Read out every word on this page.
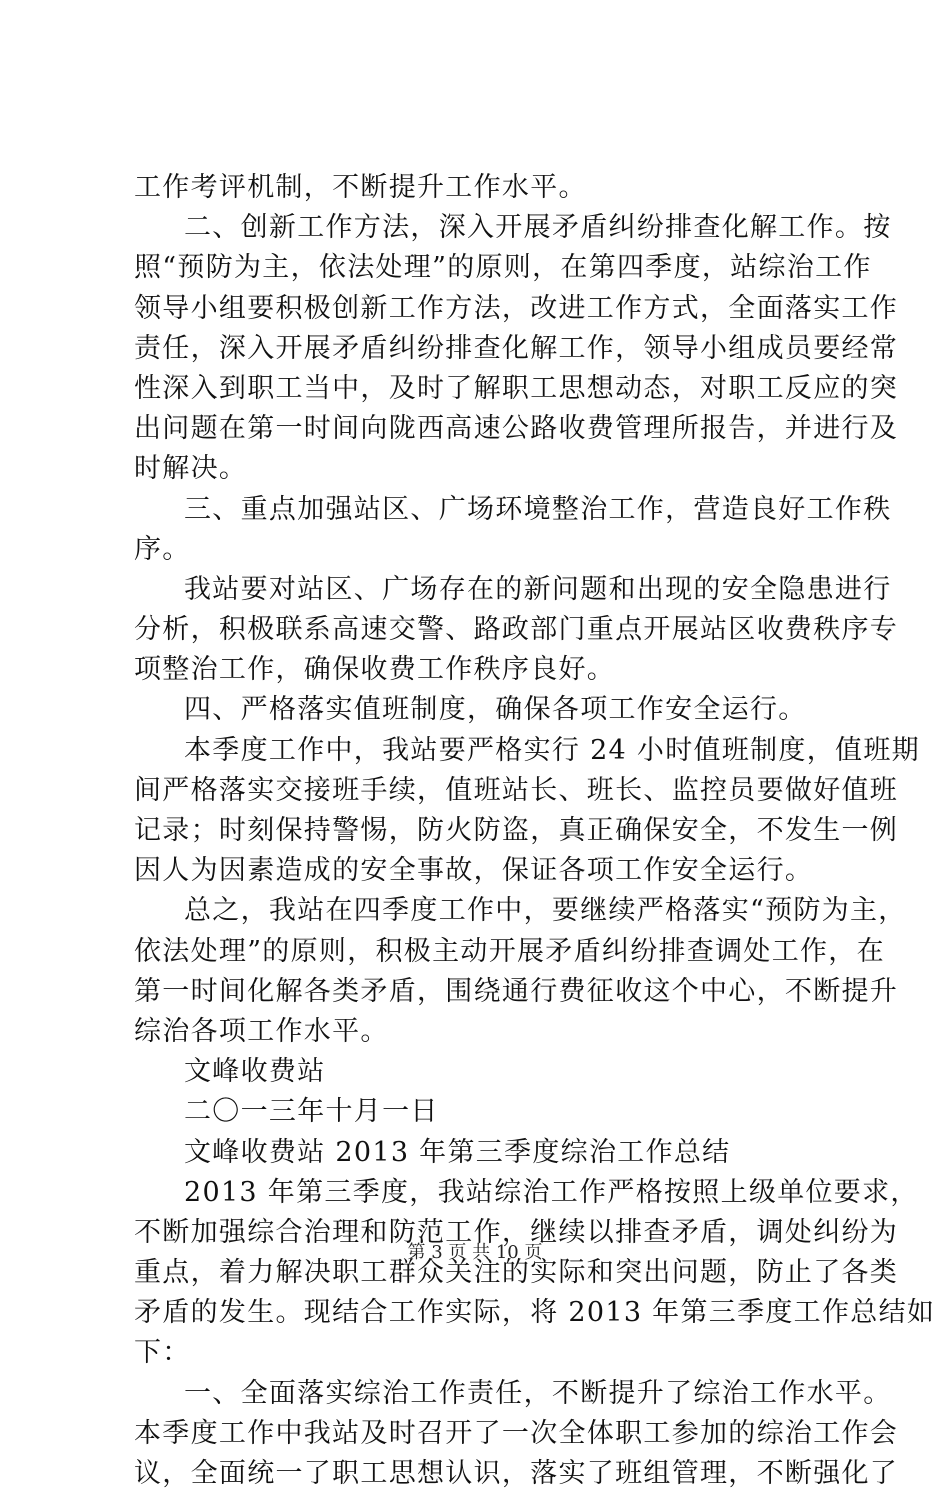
工作考评机制，不断提升工作水平。
二、创新工作方法，深入开展矛盾纠纷排查化解工作。按
照“预防为主，依法处理”的原则，在第四季度，站综治工作
领导小组要积极创新工作方法，改进工作方式，全面落实工作
责任，深入开展矛盾纠纷排查化解工作，领导小组成员要经常
性深入到职工当中，及时了解职工思想动态，对职工反应的突
出问题在第一时间向陇西高速公路收费管理所报告，并进行及
时解决。
三、重点加强站区、广场环境整治工作，营造良好工作秩
序。
我站要对站区、广场存在的新问题和出现的安全隐患进行
分析，积极联系高速交警、路政部门重点开展站区收费秩序专
项整治工作，确保收费工作秩序良好。
四、严格落实值班制度，确保各项工作安全运行。
本季度工作中，我站要严格实行 24 小时值班制度，值班期
间严格落实交接班手续，值班站长、班长、监控员要做好值班
记录；时刻保持警惕，防火防盗，真正确保安全，不发生一例
因人为因素造成的安全事故，保证各项工作安全运行。
总之，我站在四季度工作中，要继续严格落实“预防为主，
依法处理”的原则，积极主动开展矛盾纠纷排查调处工作，在
第一时间化解各类矛盾，围绕通行费征收这个中心，不断提升
综治各项工作水平。
文峰收费站
二〇一三年十月一日
文峰收费站 2013 年第三季度综治工作总结
2013 年第三季度，我站综治工作严格按照上级单位要求，
不断加强综合治理和防范工作，继续以排查矛盾，调处纠纷为
重点，着力解决职工群众关注的实际和突出问题，防止了各类
矛盾的发生。现结合工作实际，将 2013 年第三季度工作总结如
下：
一、全面落实综治工作责任，不断提升了综治工作水平。
本季度工作中我站及时召开了一次全体职工参加的综治工作会
议，全面统一了职工思想认识，落实了班组管理，不断强化了
第 3 页 共 10 页
